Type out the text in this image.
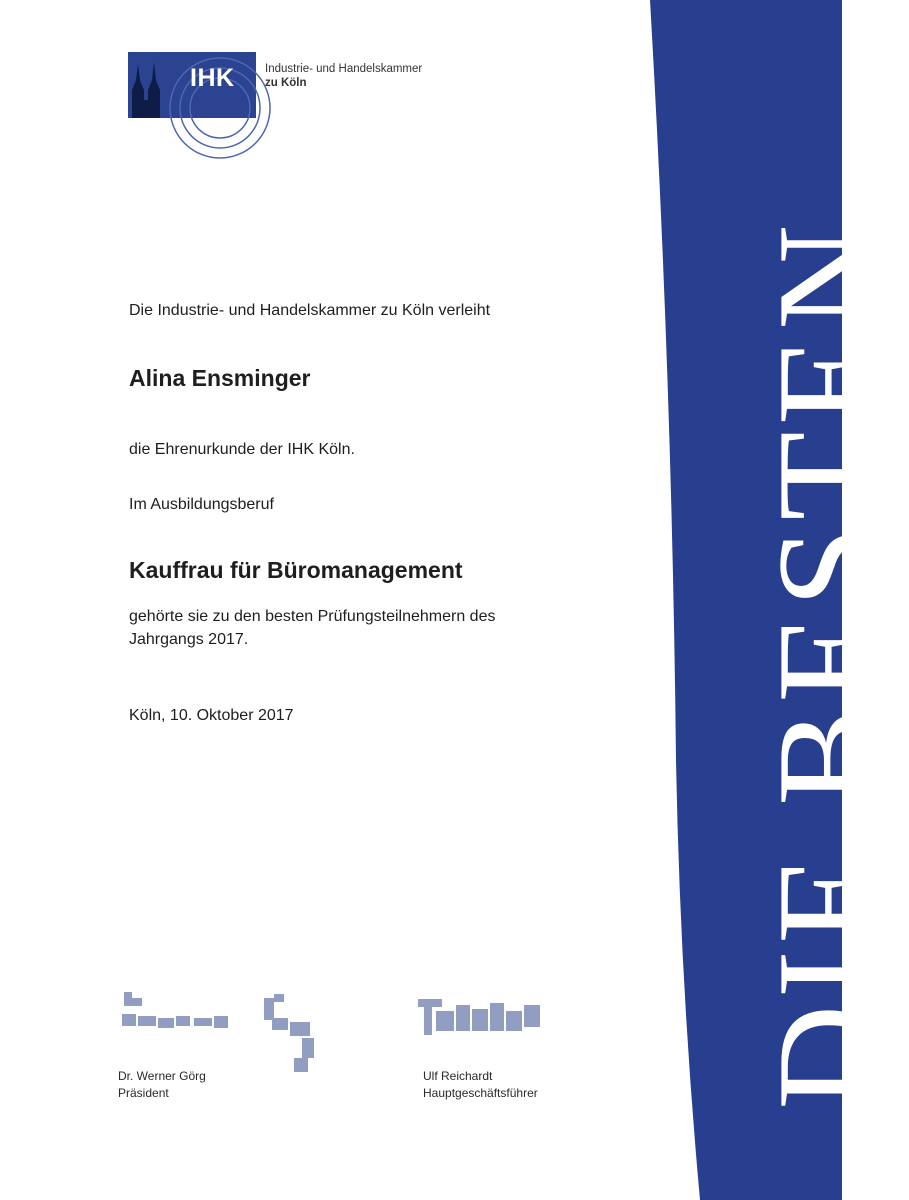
DIE BESTEN
IHK	Industrie- und Handelskammer
zu Köln
Die Industrie- und Handelskammer zu Köln verleiht
Alina Ensminger
die Ehrenurkunde der IHK Köln.
Im Ausbildungsberuf
Kauffrau für Büromanagement
gehörte sie zu den besten Prüfungsteilnehmern des Jahrgangs 2017.
Köln, 10. Oktober 2017
Dr. Werner Görg
Präsident
Ulf Reichardt
Hauptgeschäftsführer
